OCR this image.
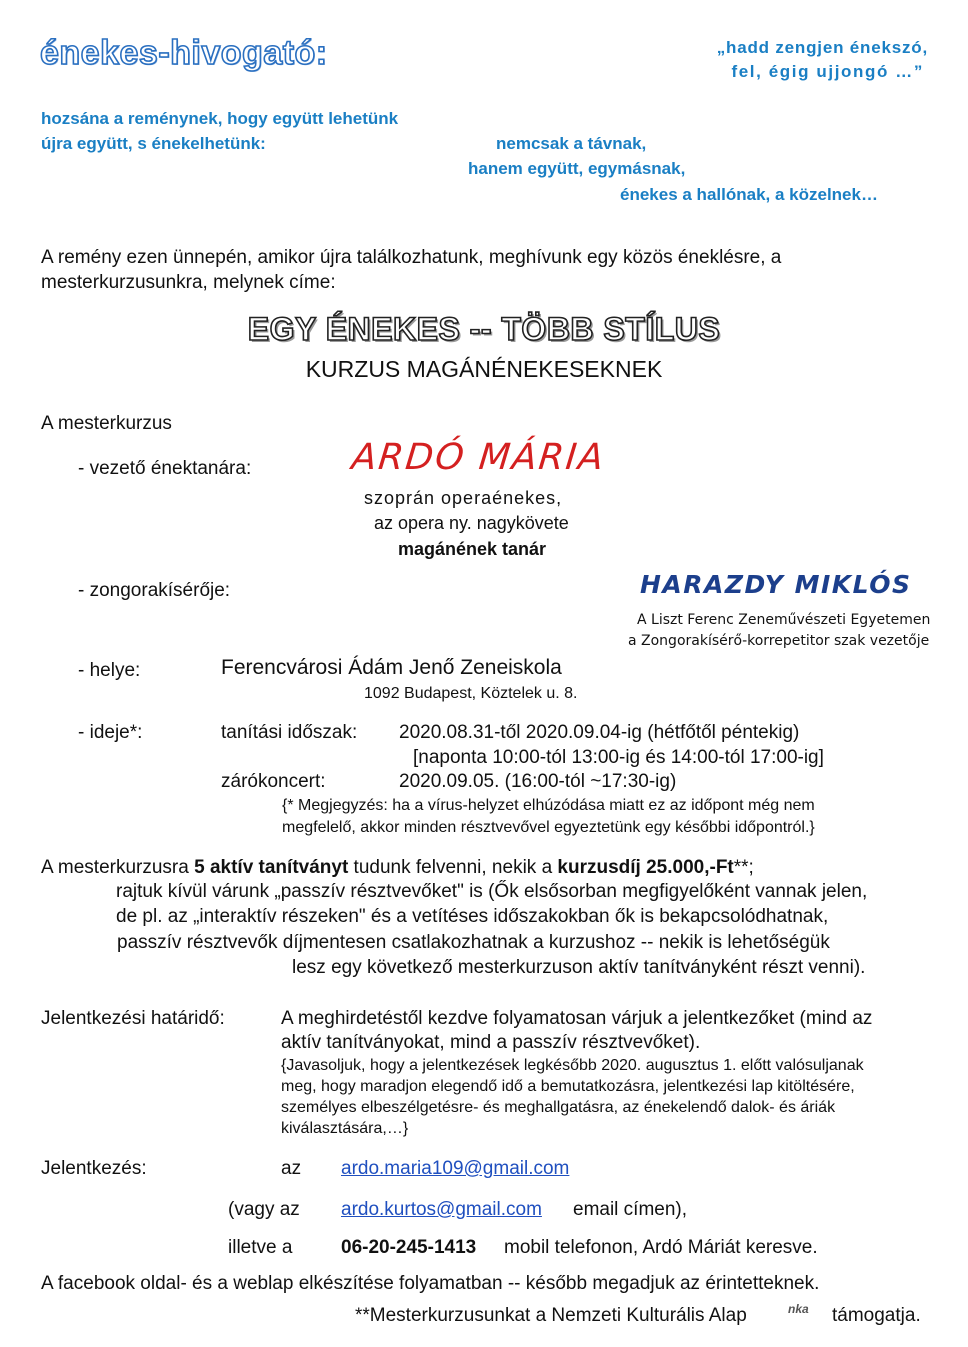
énekes-hivogató:	„hadd zengjen énekszó,
fel, égig ujjongó …”
hozsána a reménynek, hogy együtt lehetünk
újra együtt, s énekelhetünk:	nemcsak a távnak,
hanem együtt, egymásnak,
énekes a hallónak, a közelnek…
A remény ezen ünnepén, amikor újra találkozhatunk, meghívunk egy közös éneklésre, a
mesterkurzusunkra, melynek címe:
EGY ÉNEKES -- TÖBB STÍLUS
KURZUS MAGÁNÉNEKESEKNEK
A mesterkurzus
- vezető énektanára:	ARDÓ MÁRIA
szoprán operaénekes,
az opera ny. nagykövete
magánének tanár
- zongorakísérője:	HARAZDY MIKLÓS
A Liszt Ferenc Zeneművészeti Egyetemen
a Zongorakísérő-korrepetitor szak vezetője
- helye:	Ferencvárosi Ádám Jenő Zeneiskola
1092 Budapest, Köztelek u. 8.
- ideje*:	tanítási időszak: 2020.08.31-től 2020.09.04-ig (hétfőtől péntekig)
[naponta 10:00-tól 13:00-ig és 14:00-tól 17:00-ig]
zárókoncert:	2020.09.05. (16:00-tól ~17:30-ig)
{* Megjegyzés: ha a vírus-helyzet elhúzódása miatt ez az időpont még nem
megfelelő, akkor minden résztvevővel egyeztetünk egy későbbi időpontról.}
A mesterkurzusra 5 aktív tanítványt tudunk felvenni, nekik a kurzusdíj 25.000,-Ft**;
rajtuk kívül várunk „passzív résztvevőket" is (Ők elsősorban megfigyelőként vannak jelen,
de pl. az „interaktív részeken" és a vetítéses időszakokban ők is bekapcsolódhatnak,
passzív résztvevők díjmentesen csatlakozhatnak a kurzushoz -- nekik is lehetőségük
lesz egy következő mesterkurzuson aktív tanítványként részt venni).
Jelentkezési határidő:	A meghirdetéstől kezdve folyamatosan várjuk a jelentkezőket (mind az
aktív tanítványokat, mind a passzív résztvevőket).
{Javasoljuk, hogy a jelentkezések legkésőbb 2020. augusztus 1. előtt valósuljanak
meg, hogy maradjon elegendő idő a bemutatkozásra, jelentkezési lap kitöltésére,
személyes elbeszélgetésre- és meghallgatásra, az énekelendő dalok- és áriák
kiválasztására,…}
Jelentkezés:	az ardo.maria109@gmail.com
(vagy az ardo.kurtos@gmail.com email címen),
illetve a	06-20-245-1413 mobil telefonon, Ardó Máriát keresve.
A facebook oldal- és a weblap elkészítése folyamatban -- később megadjuk az érintetteknek.
**Mesterkurzusunkat a Nemzeti Kulturális Alap	nka támogatja.
